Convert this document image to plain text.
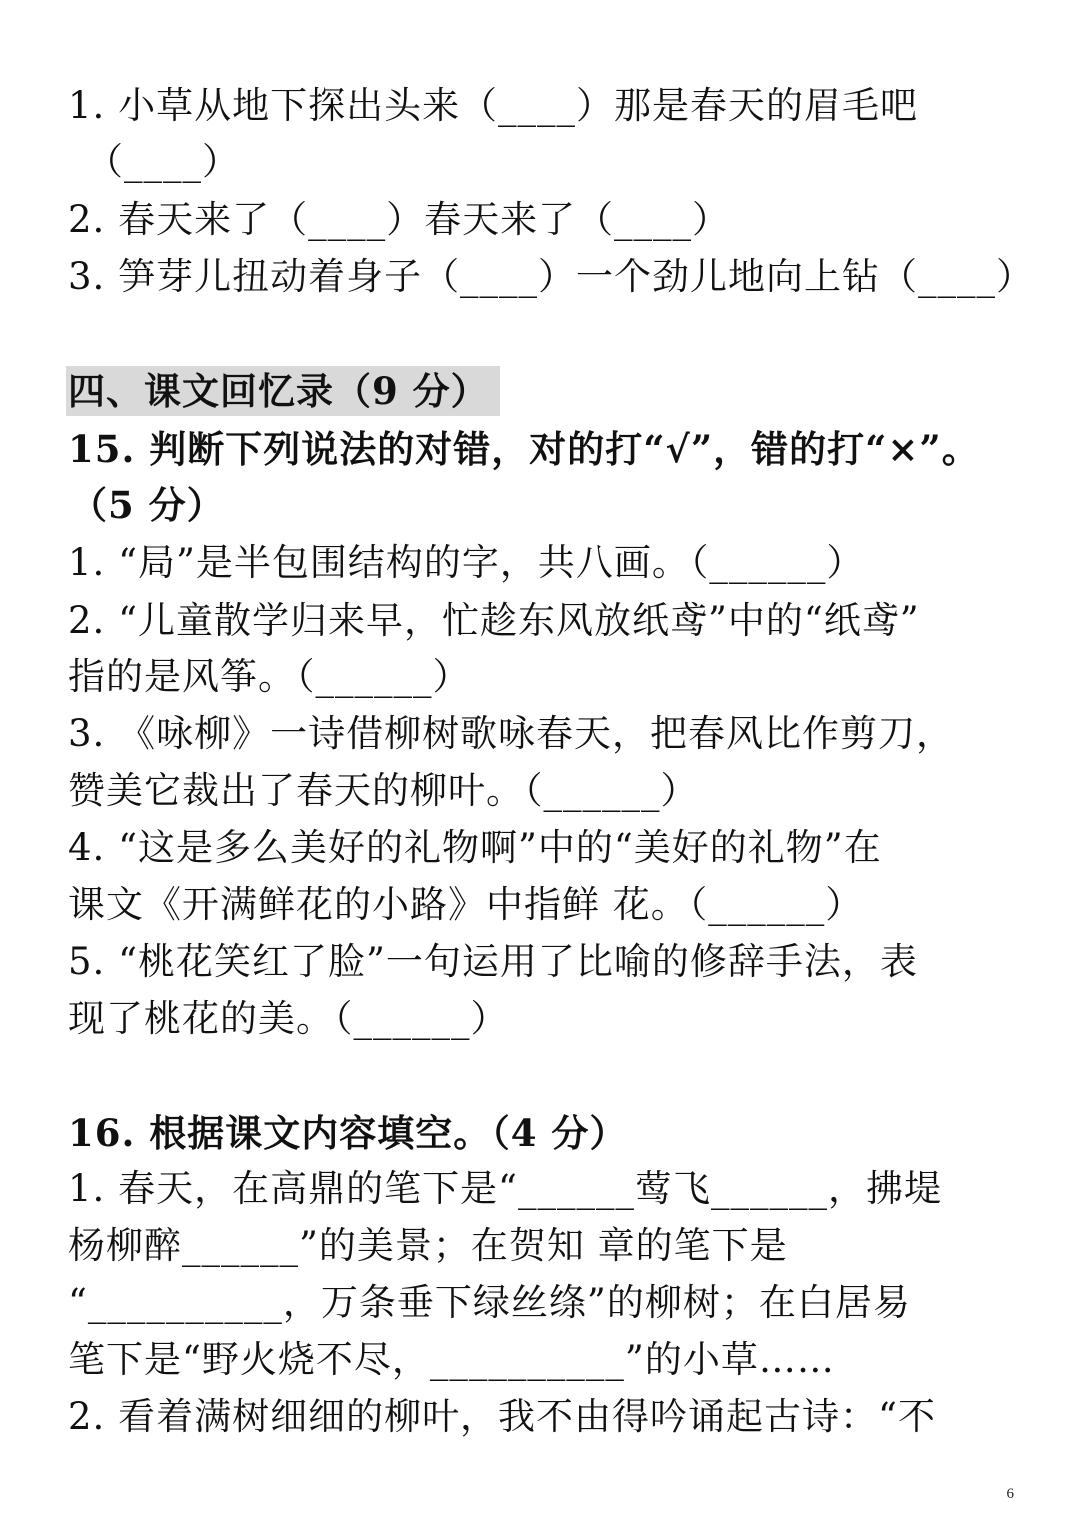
1. 小草从地下探出头来（____）那是春天的眉毛吧
（____）
2. 春天来了（____）春天来了（____）
3. 笋芽儿扭动着身子（____）一个劲儿地向上钻（____）
四、课文回忆录（9 分）
15. 判断下列说法的对错，对的打“√”，错的打“×”。
（5 分）
1. “局”是半包围结构的字，共八画。（______）
2. “儿童散学归来早，忙趁东风放纸鸢”中的“纸鸢”
指的是风筝。（______）
3. 《咏柳》一诗借柳树歌咏春天，把春风比作剪刀，
赞美它裁出了春天的柳叶。（______）
4. “这是多么美好的礼物啊”中的“美好的礼物”在
课文《开满鲜花的小路》中指鲜 花。（______）
5. “桃花笑红了脸”一句运用了比喻的修辞手法，表
现了桃花的美。（______）
16. 根据课文内容填空。（4 分）
1. 春天，在高鼎的笔下是“______莺飞______，拂堤
杨柳醉______”的美景；在贺知 章的笔下是
“__________，万条垂下绿丝绦”的柳树；在白居易
笔下是“野火烧不尽，__________”的小草……
2. 看着满树细细的柳叶，我不由得吟诵起古诗：“不
6
